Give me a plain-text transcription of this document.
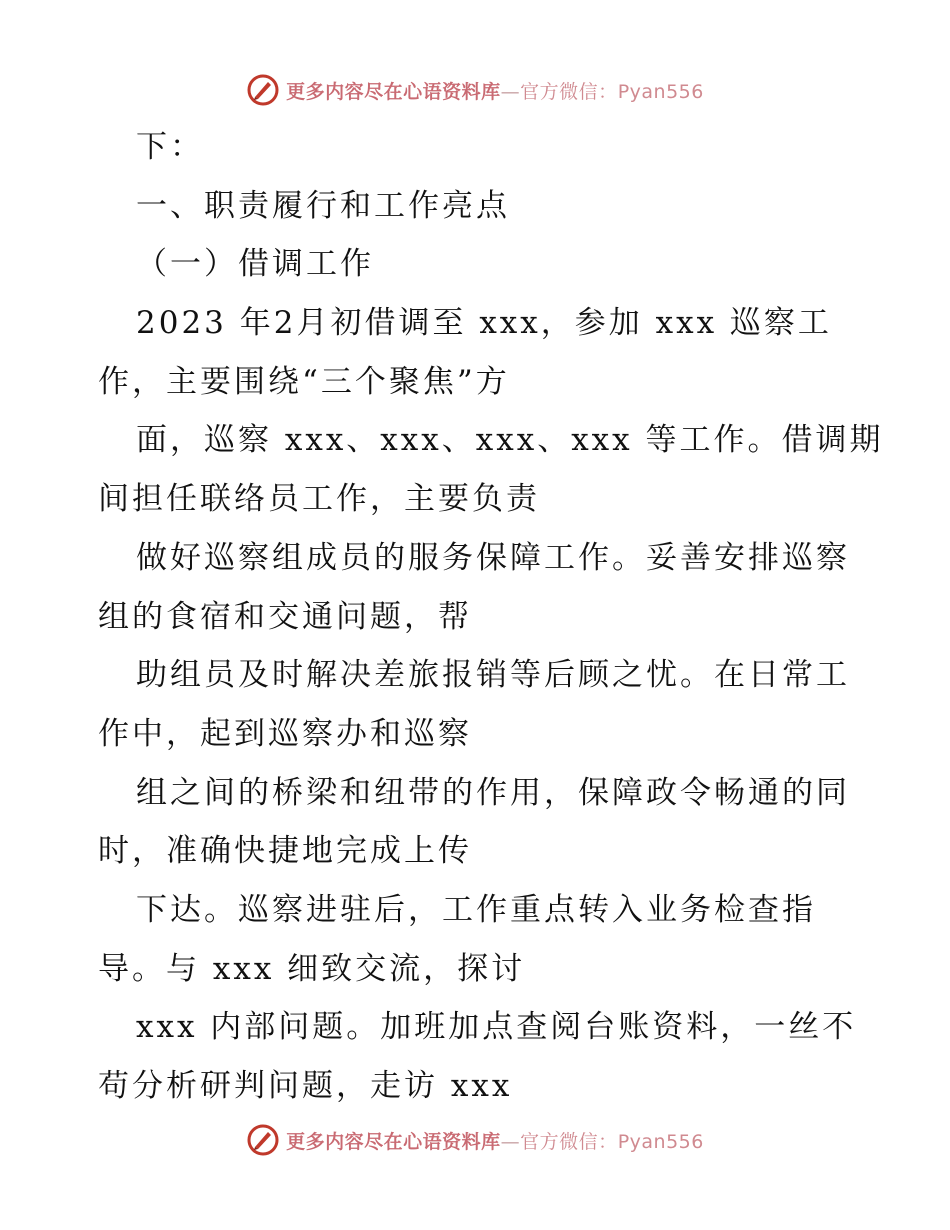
更多内容尽在心语资料库—官方微信：Pyan556
下：
一、职责履行和工作亮点
（一）借调工作
2023 年2月初借调至 xxx，参加 xxx 巡察工
作，主要围绕“三个聚焦”方
面，巡察 xxx、xxx、xxx、xxx 等工作。借调期
间担任联络员工作，主要负责
做好巡察组成员的服务保障工作。妥善安排巡察
组的食宿和交通问题，帮
助组员及时解决差旅报销等后顾之忧。在日常工
作中，起到巡察办和巡察
组之间的桥梁和纽带的作用，保障政令畅通的同
时，准确快捷地完成上传
下达。巡察进驻后，工作重点转入业务检查指
导。与 xxx 细致交流，探讨
xxx 内部问题。加班加点查阅台账资料，一丝不
苟分析研判问题，走访 xxx
更多内容尽在心语资料库—官方微信：Pyan556
